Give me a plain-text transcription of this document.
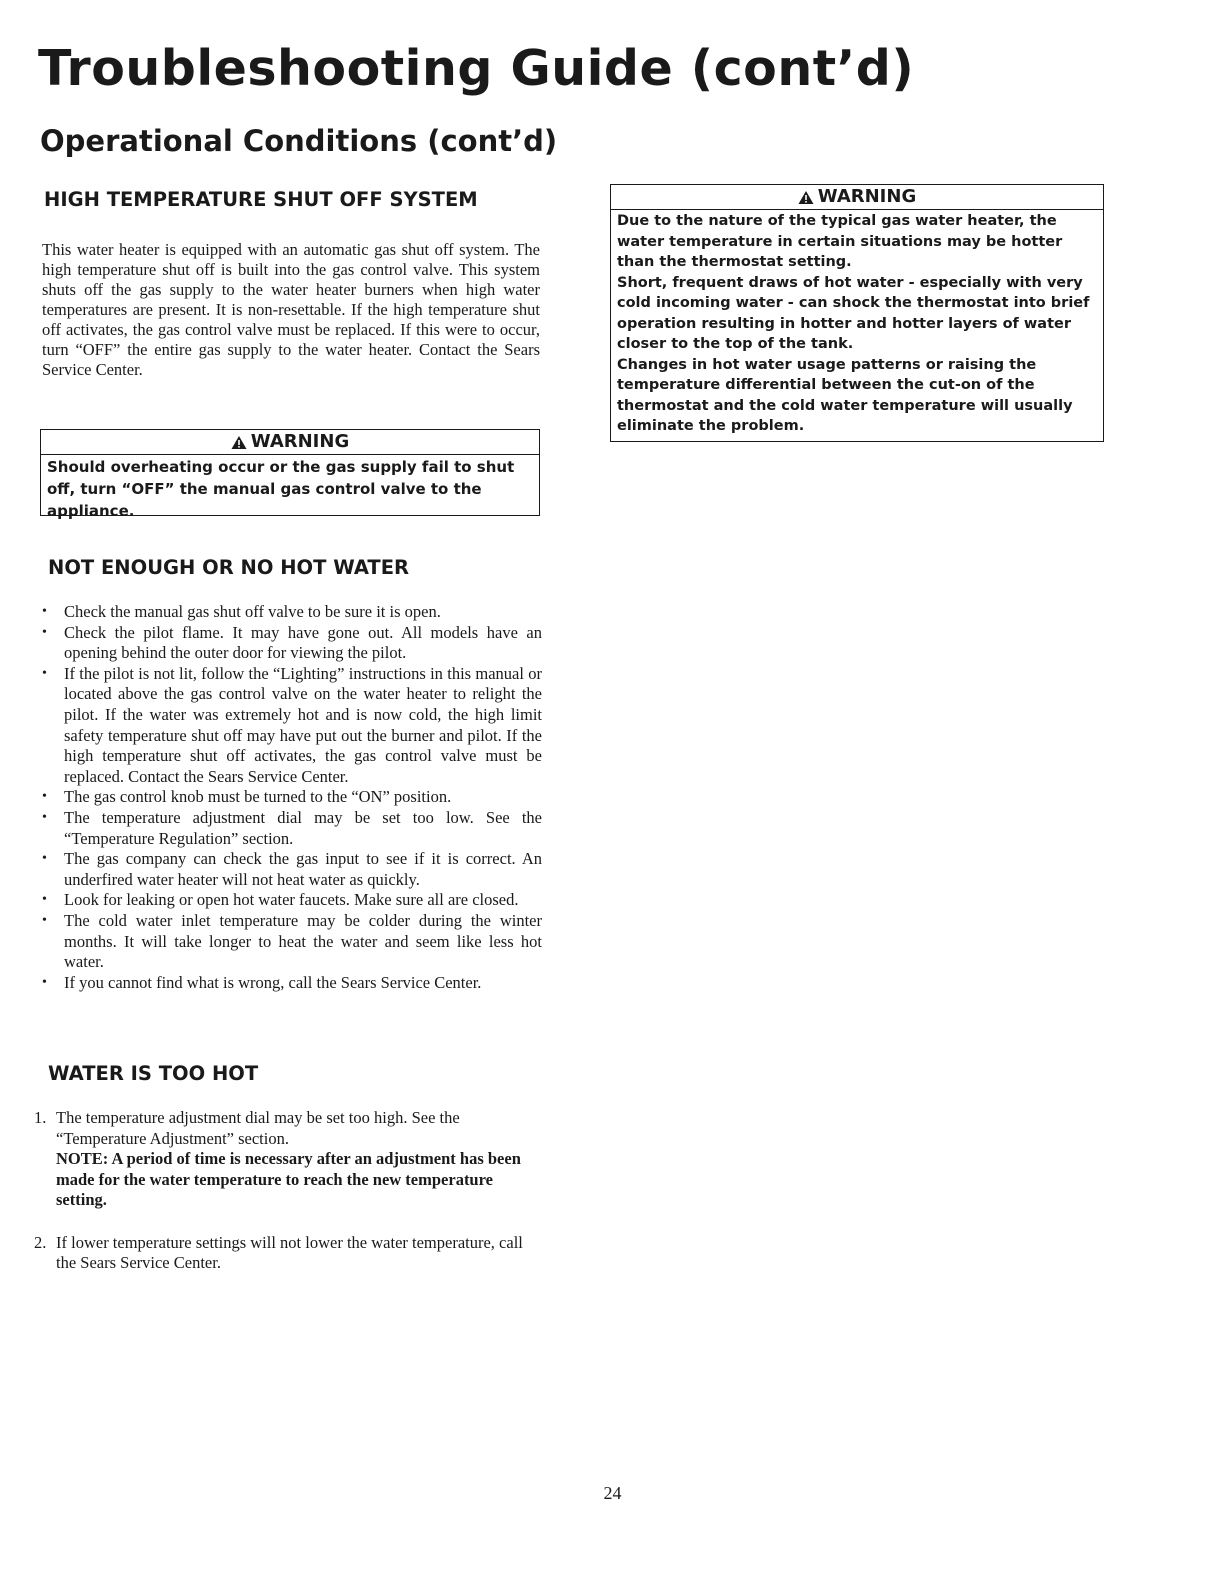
Troubleshooting Guide (cont’d)
Operational Conditions (cont’d)
HIGH TEMPERATURE SHUT OFF SYSTEM

This water heater is equipped with an automatic gas shut off system. The high temperature shut off is built into the gas control valve. This system shuts off the gas supply to the water heater burners when high water temperatures are present. It is non-resettable. If the high temperature shut off activates, the gas control valve must be replaced. If this were to occur, turn “OFF” the entire gas supply to the water heater. Contact the Sears Service Center.

WARNING

Should overheating occur or the gas supply fail to shut off, turn “OFF” the manual gas control valve to the appliance.

WARNING

Due to the nature of the typical gas water heater, the water temperature in certain situations may be hotter than the thermostat setting.

Short, frequent draws of hot water - especially with very cold incoming water - can shock the thermostat into brief operation resulting in hotter and hotter layers of water closer to the top of the tank.

Changes in hot water usage patterns or raising the temperature differential between the cut-on of the thermostat and the cold water temperature will usually eliminate the problem.

NOT ENOUGH OR NO HOT WATER
• Check the manual gas shut off valve to be sure it is open.
• Check the pilot flame. It may have gone out. All models have an opening behind the outer door for viewing the pilot.
• If the pilot is not lit, follow the “Lighting” instructions in this manual or located above the gas control valve on the water heater to relight the pilot. If the water was extremely hot and is now cold, the high limit safety temperature shut off may have put out the burner and pilot. If the high temperature shut off activates, the gas control valve must be replaced. Contact the Sears Service Center.
• The gas control knob must be turned to the “ON” position.
• The temperature adjustment dial may be set too low. See the “Temperature Regulation” section.
• The gas company can check the gas input to see if it is correct. An underfired water heater will not heat water as quickly.
• Look for leaking or open hot water faucets. Make sure all are closed.
• The cold water inlet temperature may be colder during the winter months. It will take longer to heat the water and seem like less hot water.
• If you cannot find what is wrong, call the Sears Service Center.
WATER IS TOO HOT
1. The temperature adjustment dial may be set too high. See the “Temperature Adjustment” section.
NOTE: A period of time is necessary after an adjustment has been made for the water temperature to reach the new temperature setting.
2. If lower temperature settings will not lower the water temperature, call the Sears Service Center.
24
